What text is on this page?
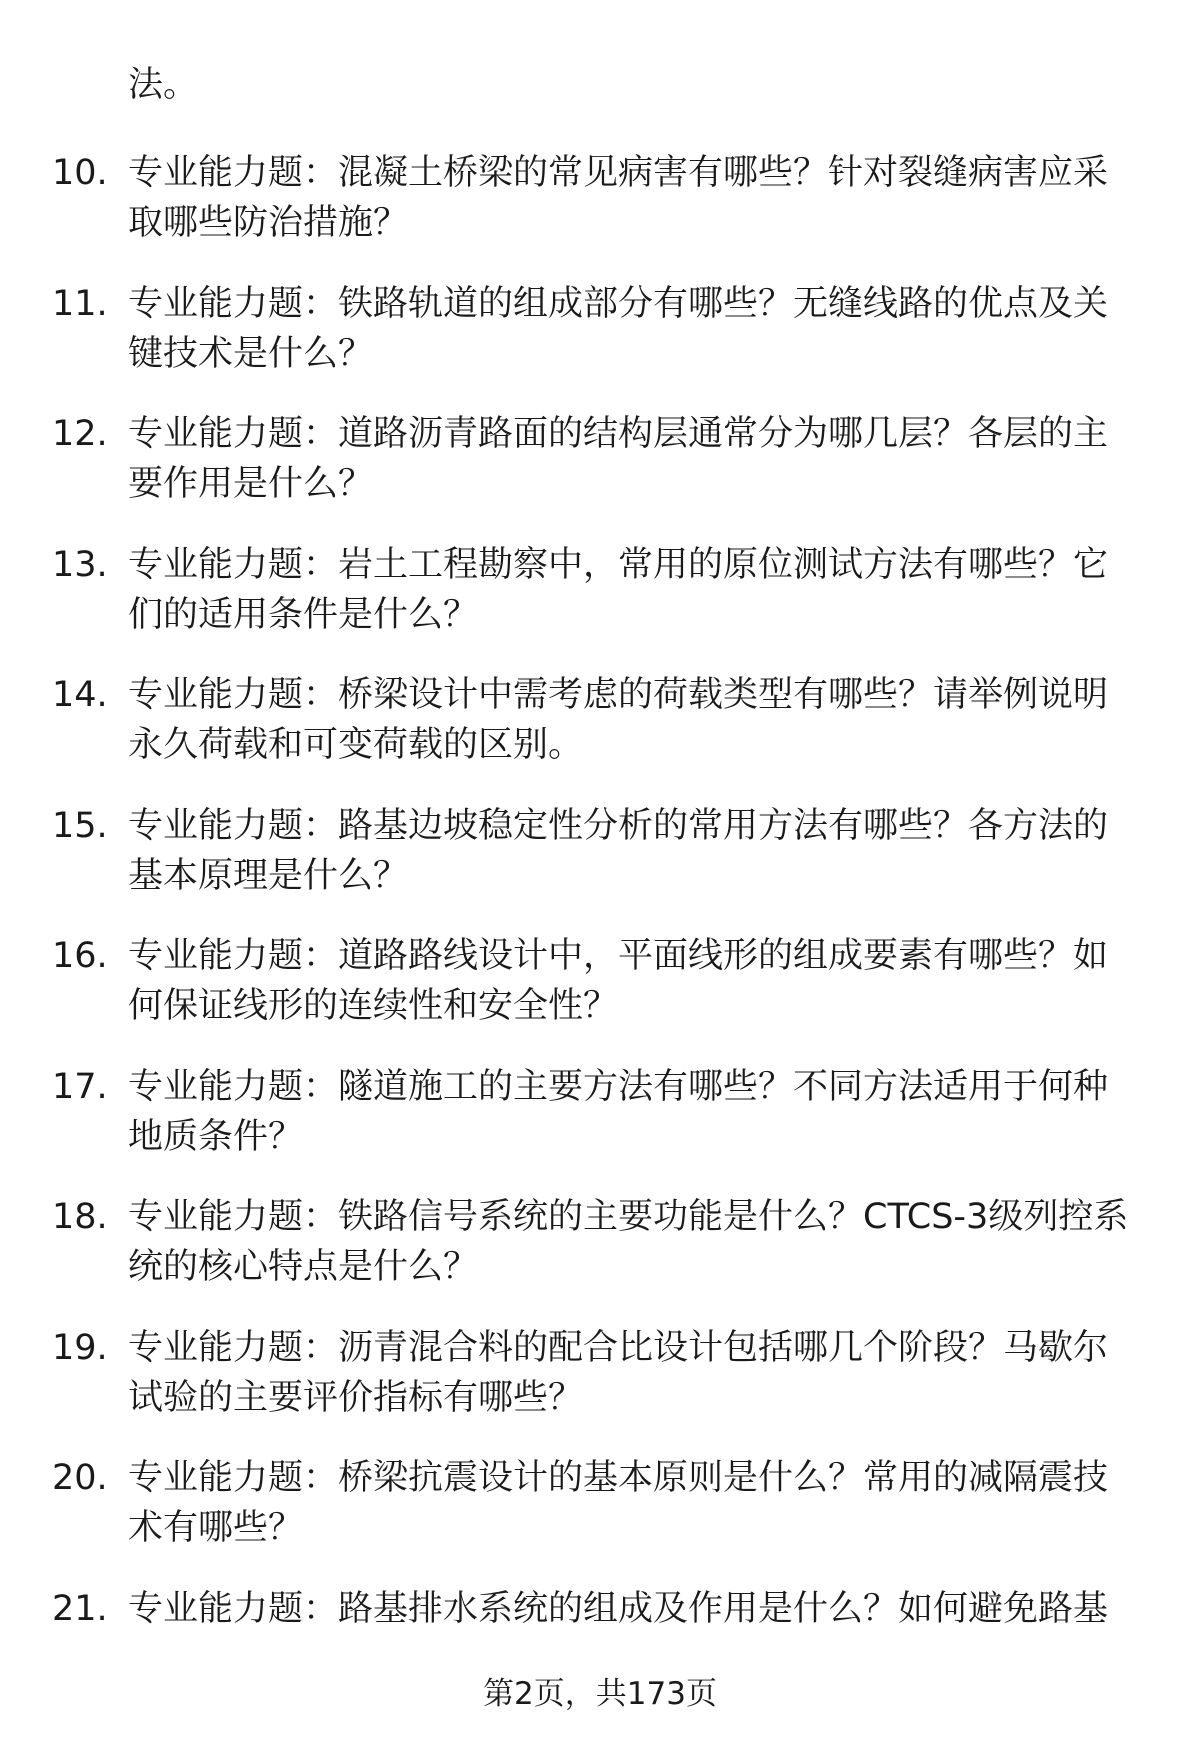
法。
10. 专业能力题：混凝土桥梁的常见病害有哪些？针对裂缝病害应采
取哪些防治措施？
11. 专业能力题：铁路轨道的组成部分有哪些？无缝线路的优点及关
键技术是什么？
12. 专业能力题：道路沥青路面的结构层通常分为哪几层？各层的主
要作用是什么？
13. 专业能力题：岩土工程勘察中，常用的原位测试方法有哪些？它
们的适用条件是什么？
14. 专业能力题：桥梁设计中需考虑的荷载类型有哪些？请举例说明
永久荷载和可变荷载的区别。
15. 专业能力题：路基边坡稳定性分析的常用方法有哪些？各方法的
基本原理是什么？
16. 专业能力题：道路路线设计中，平面线形的组成要素有哪些？如
何保证线形的连续性和安全性？
17. 专业能力题：隧道施工的主要方法有哪些？不同方法适用于何种
地质条件？
18. 专业能力题：铁路信号系统的主要功能是什么？CTCS-3级列控系
统的核心特点是什么？
19. 专业能力题：沥青混合料的配合比设计包括哪几个阶段？马歇尔
试验的主要评价指标有哪些？
20. 专业能力题：桥梁抗震设计的基本原则是什么？常用的减隔震技
术有哪些？
21. 专业能力题：路基排水系统的组成及作用是什么？如何避免路基
第2页，共173页
